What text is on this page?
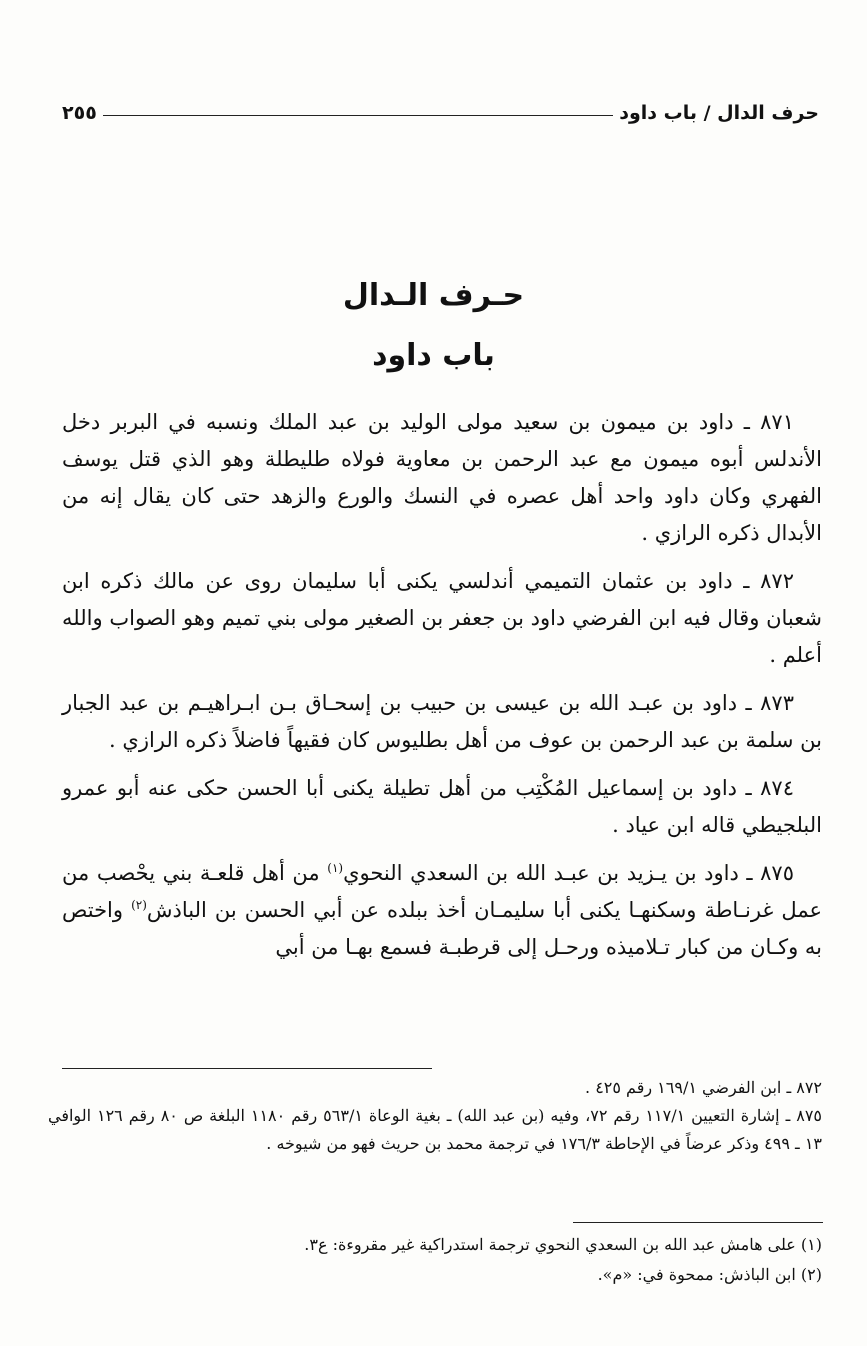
حرف الدال / باب داود
٢٥٥
حـرف الـدال
باب داود

٨٧١ ـ داود بن ميمون بن سعيد مولى الوليد بن عبد الملك ونسبه في البربر دخل الأندلس أبوه ميمون مع عبد الرحمن بن معاوية فولاه طليطلة وهو الذي قتل يوسف الفهري وكان داود واحد أهل عصره في النسك والورع والزهد حتى كان يقال إنه من الأبدال ذكره الرازي .

٨٧٢ ـ داود بن عثمان التميمي أندلسي يكنى أبا سليمان روى عن مالك ذكره ابن شعبان وقال فيه ابن الفرضي داود بن جعفر بن الصغير مولى بني تميم وهو الصواب والله أعلم .

٨٧٣ ـ داود بن عبـد الله بن عيسى بن حبيب بن إسحـاق بـن ابـراهيـم بن عبد الجبار بن سلمة بن عبد الرحمن بن عوف من أهل بطليوس كان فقيهاً فاضلاً ذكره الرازي .

٨٧٤ ـ داود بن إسماعيل المُكْتِب من أهل تطيلة يكنى أبا الحسن حكى عنه أبو عمرو البلجيطي قاله ابن عياد .

٨٧٥ ـ داود بن يـزيد بن عبـد الله بن السعدي النحوي$^{(١)}$ من أهل قلعـة بني يحْصب من عمل غرنـاطة وسكنهـا يكنى أبا سليمـان أخذ ببلده عن أبي الحسن بن الباذش$^{(٢)}$ واختص به وكـان من كبار تـلاميذه ورحـل إلى قرطبـة فسمع بهـا من أبي

٨٧٢ ـ ابن الفرضي ١٦٩/١ رقم ٤٢٥ .

٨٧٥ ـ إشارة التعيين ١١٧/١ رقم ٧٢، وفيه (بن عبد الله) ـ بغية الوعاة ٥٦٣/١ رقم ١١٨٠ البلغة ص ٨٠ رقم ١٢٦ الوافي ١٣ ـ ٤٩٩ وذكر عرضاً في الإحاطة ١٧٦/٣ في ترجمة محمد بن حريث فهو من شيوخه .

(١) على هامش عبد الله بن السعدي النحوي ترجمة استدراكية غير مقروءة: ع٣.

(٢) ابن الباذش: ممحوة في: «م».
